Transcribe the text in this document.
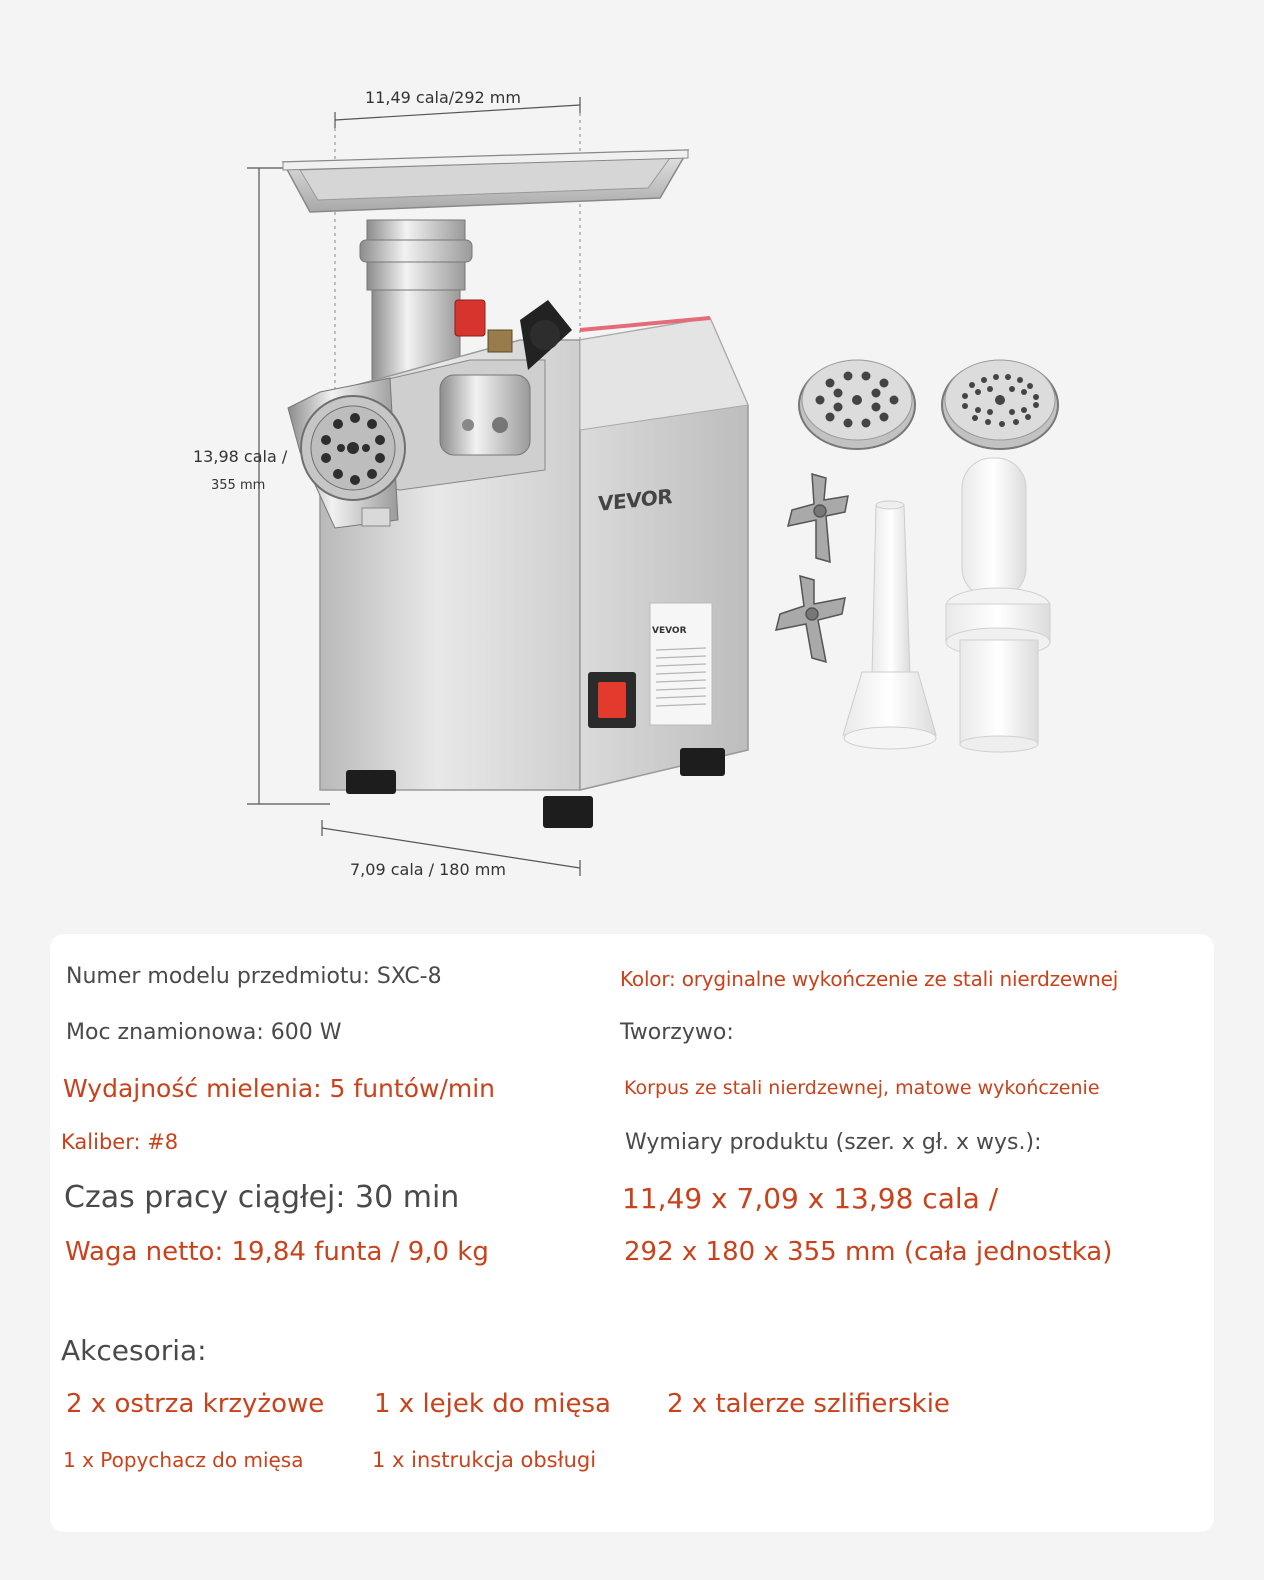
11,49 cala/292 mm
13,98 cala /
355 mm
7,09 cala / 180 mm
VEVOR
VEVOR
Numer modelu przedmiotu: SXC-8
Moc znamionowa: 600 W
Wydajność mielenia: 5 funtów/min
Kaliber: #8
Czas pracy ciągłej: 30 min
Waga netto: 19,84 funta / 9,0 kg
Kolor: oryginalne wykończenie ze stali nierdzewnej
Tworzywo:
Korpus ze stali nierdzewnej, matowe wykończenie
Wymiary produktu (szer. x gł. x wys.):
11,49 x 7,09 x 13,98 cala /
292 x 180 x 355 mm (cała jednostka)
Akcesoria:
2 x ostrza krzyżowe 1 x lejek do mięsa 2 x talerze szlifierskie
1 x Popychacz do mięsa	1 x instrukcja obsługi
